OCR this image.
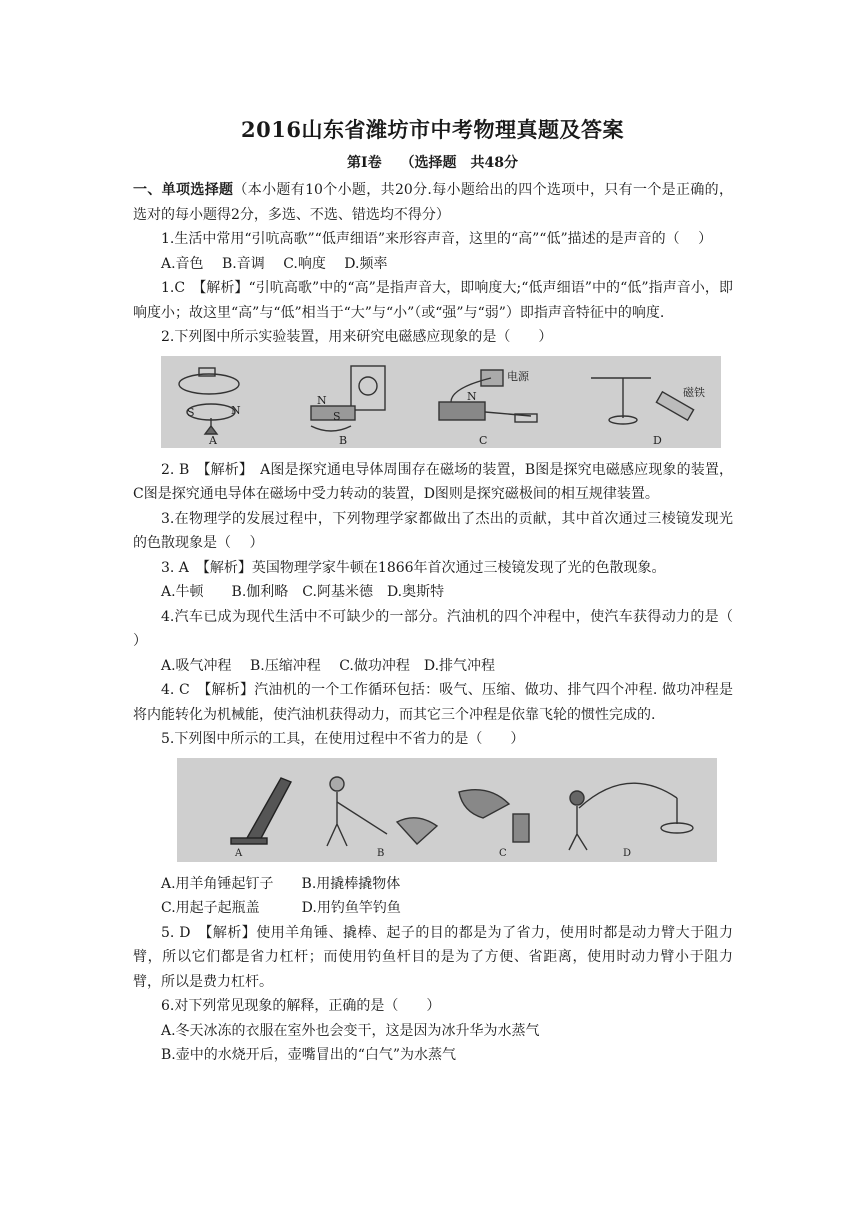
2016山东省潍坊市中考物理真题及答案
第Ⅰ卷　 （选择题　共48分

一、单项选择题（本小题有10个小题，共20分.每小题给出的四个选项中，只有一个是正确的，选对的每小题得2分，多选、不选、错选均不得分）

1.生活中常用“引吭高歌”“低声细语”来形容声音，这里的“高”“低”描述的是声音的（　 ）

A.音色　 B.音调　 C.响度　 D.频率

1.C　【解析】“引吭高歌”中的“高”是指声音大，即响度大;“低声细语”中的“低”指声音小，即响度小；故这里“高”与“低”相当于“大”与“小”（或“强”与“弱”）即指声音特征中的响度.

2.下列图中所示实验装置，用来研究电磁感应现象的是（　　）

S	N
A
N
S
B
电源
N
C
磁铁
D

2. B　【解析】　A图是探究通电导体周围存在磁场的装置，B图是探究电磁感应现象的装置，C图是探究通电导体在磁场中受力转动的装置，D图则是探究磁极间的相互规律装置。

3.在物理学的发展过程中，下列物理学家都做出了杰出的贡献，其中首次通过三棱镜发现光的色散现象是（　 ）

3. A　【解析】英国物理学家牛顿在1866年首次通过三棱镜发现了光的色散现象。

A.牛顿　　B.伽利略　C.阿基米德　D.奥斯特

4.汽车已成为现代生活中不可缺少的一部分。汽油机的四个冲程中，使汽车获得动力的是（　 ）

A.吸气冲程　 B.压缩冲程　 C.做功冲程　D.排气冲程

4. C　【解析】汽油机的一个工作循环包括：吸气、压缩、做功、排气四个冲程. 做功冲程是将内能转化为机械能，使汽油机获得动力，而其它三个冲程是依靠飞轮的惯性完成的.

5.下列图中所示的工具，在使用过程中不省力的是（　　）

A	B	C	D

A.用羊角锤起钉子　　B.用撬棒撬物体

C.用起子起瓶盖　　　D.用钓鱼竿钓鱼

5. D　【解析】使用羊角锤、撬棒、起子的目的都是为了省力，使用时都是动力臂大于阻力臂，所以它们都是省力杠杆；而使用钓鱼杆目的是为了方便、省距离，使用时动力臂小于阻力臂，所以是费力杠杆。

6.对下列常见现象的解释，正确的是（　　）

A.冬天冰冻的衣服在室外也会变干，这是因为冰升华为水蒸气

B.壶中的水烧开后，壶嘴冒出的“白气”为水蒸气
